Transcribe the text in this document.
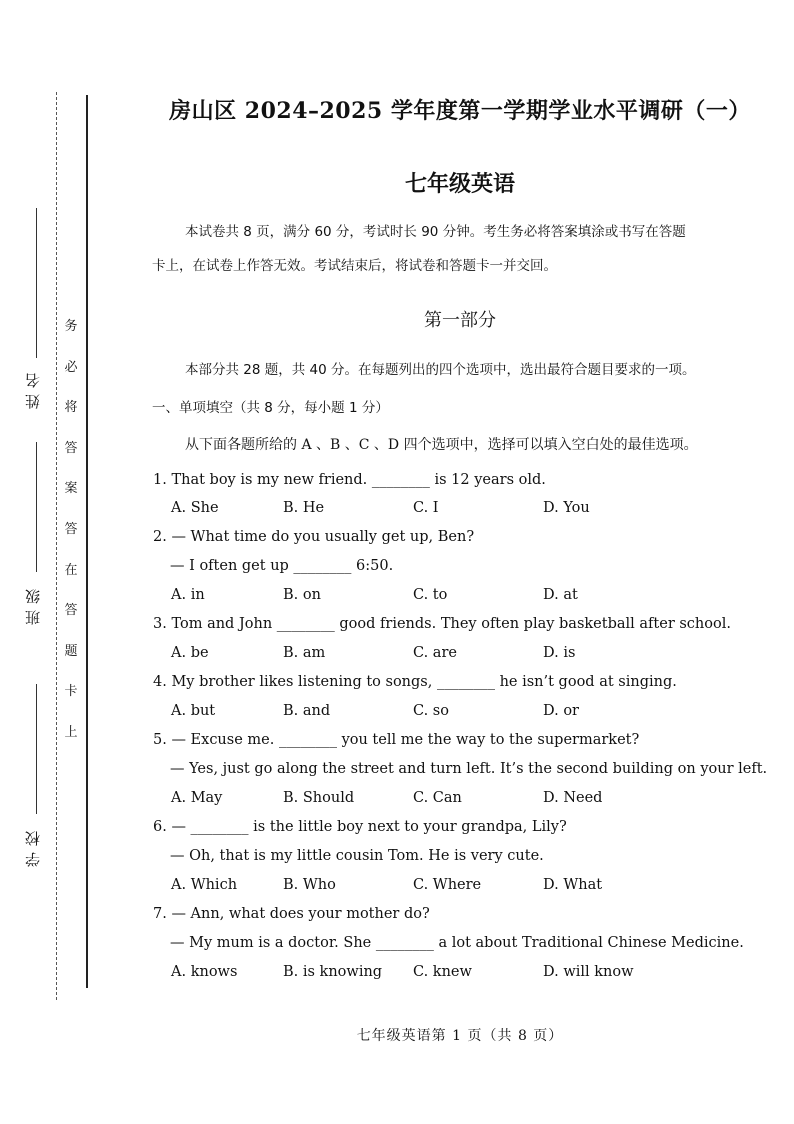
姓名
班级
学校
务
必
将
答
案
答
在
答
题
卡
上
房山区 2024–2025 学年度第一学期学业水平调研（一）
七年级英语

本试卷共 8 页，满分 60 分，考试时长 90 分钟。考生务必将答案填涂或书写在答题

卡上，在试卷上作答无效。考试结束后，将试卷和答题卡一并交回。
第一部分
本部分共 28 题，共 40 分。在每题列出的四个选项中，选出最符合题目要求的一项。
一、单项填空（共 8 分，每小题 1 分）
从下面各题所给的 A 、B 、C 、D 四个选项中，选择可以填入空白处的最佳选项。
1. That boy is my new friend. ________ is 12 years old.
A. She	B. He	C. I	D. You
2. — What time do you usually get up, Ben?
— I often get up ________ 6:50.
A. in	B. on	C. to	D. at
3. Tom and John ________ good friends. They often play basketball after school.
A. be	B. am	C. are	D. is
4. My brother likes listening to songs, ________ he isn’t good at singing.
A. but	B. and	C. so	D. or
5. — Excuse me. ________ you tell me the way to the supermarket?
— Yes, just go along the street and turn left. It’s the second building on your left.
A. May	B. Should	C. Can	D. Need
6. — ________ is the little boy next to your grandpa, Lily?
— Oh, that is my little cousin Tom. He is very cute.
A. Which	B. Who	C. Where	D. What
7. — Ann, what does your mother do?
— My mum is a doctor. She ________ a lot about Traditional Chinese Medicine.
A. knows	B. is knowing C. knew	D. will know
七年级英语第 1 页（共 8 页）
